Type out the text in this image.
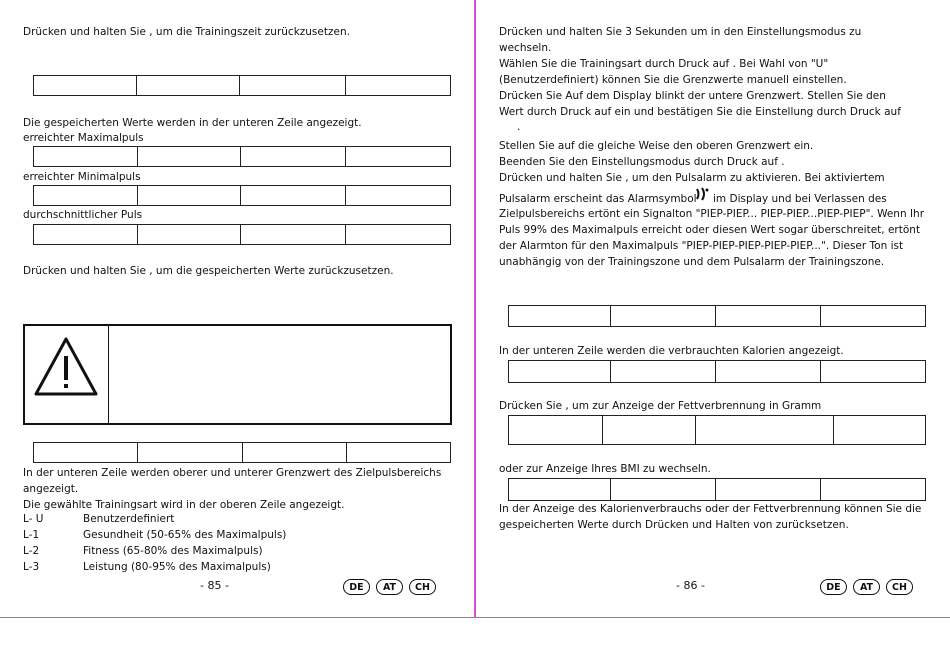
Drücken und halten Sie , um die Trainingszeit zurückzusetzen.
Die gespeicherten Werte werden in der unteren Zeile angezeigt.
erreichter Maximalpuls
erreichter Minimalpuls
durchschnittlicher Puls
Drücken und halten Sie , um die gespeicherten Werte zurückzusetzen.
In der unteren Zeile werden oberer und unterer Grenzwert des Zielpulsbereichs
angezeigt.
Die gewählte Trainingsart wird in der oberen Zeile angezeigt.
L- U	Benutzerdefiniert
L-1	Gesundheit (50-65% des Maximalpuls)
L-2	Fitness (65-80% des Maximalpuls)
L-3	Leistung (80-95% des Maximalpuls)
- 85 -	DE	AT	CH
Drücken und halten Sie 3 Sekunden um in den Einstellungsmodus zu
wechseln.
Wählen Sie die Trainingsart durch Druck auf . Bei Wahl von "U"
(Benutzerdefiniert) können Sie die Grenzwerte manuell einstellen.
Drücken Sie Auf dem Display blinkt der untere Grenzwert. Stellen Sie den
Wert durch Druck auf ein und bestätigen Sie die Einstellung durch Druck auf
.
Stellen Sie auf die gleiche Weise den oberen Grenzwert ein.
Beenden Sie den Einstellungsmodus durch Druck auf .
Drücken und halten Sie , um den Pulsalarm zu aktivieren. Bei aktiviertem
Pulsalarm erscheint das Alarmsymbol im Display und bei Verlassen des
Zielpulsbereichs ertönt ein Signalton "PIEP-PIEP... PIEP-PIEP...PIEP-PIEP". Wenn Ihr
Puls 99% des Maximalpuls erreicht oder diesen Wert sogar überschreitet, ertönt
der Alarmton für den Maximalpuls "PIEP-PIEP-PIEP-PIEP-PIEP...". Dieser Ton ist
unabhängig von der Trainingszone und dem Pulsalarm der Trainingszone.
In der unteren Zeile werden die verbrauchten Kalorien angezeigt.
Drücken Sie , um zur Anzeige der Fettverbrennung in Gramm
oder zur Anzeige Ihres BMI zu wechseln.
In der Anzeige des Kalorienverbrauchs oder der Fettverbrennung können Sie die
gespeicherten Werte durch Drücken und Halten von zurücksetzen.
- 86 -	DE	AT	CH
